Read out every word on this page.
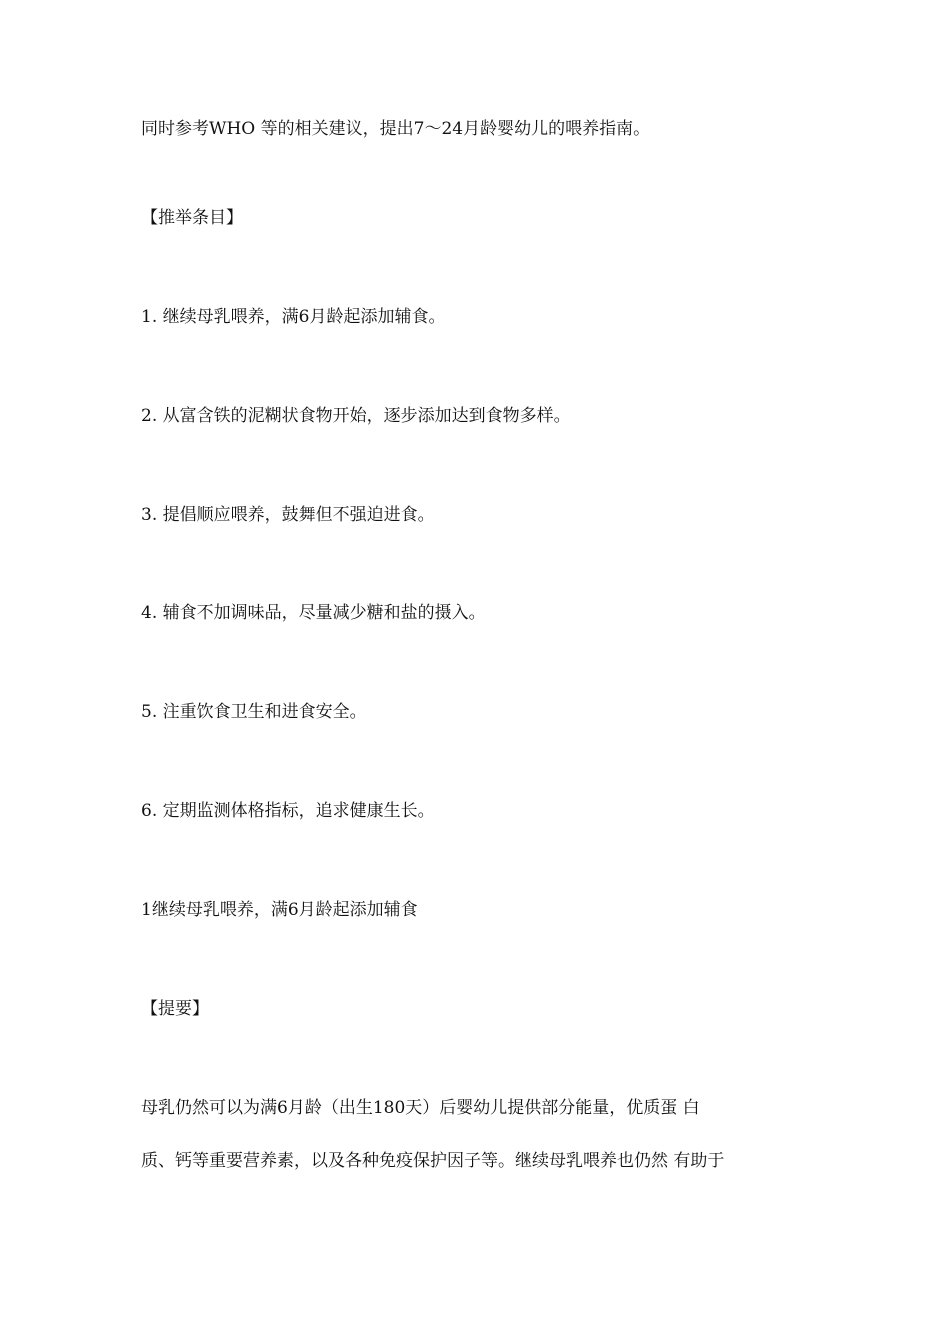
同时参考WHO 等的相关建议，提出7〜24月龄婴幼儿的喂养指南。

【推举条目】

1. 继续母乳喂养，满6月龄起添加辅食。

2. 从富含铁的泥糊状食物开始，逐步添加达到食物多样。

3. 提倡顺应喂养，鼓舞但不强迫进食。

4. 辅食不加调味品，尽量减少糖和盐的摄入。

5. 注重饮食卫生和进食安全。

6. 定期监测体格指标，追求健康生长。

1继续母乳喂养，满6月龄起添加辅食

【提要】

母乳仍然可以为满6月龄（出生180天）后婴幼儿提供部分能量，优质蛋 白

质、钙等重要营养素，以及各种免疫保护因子等。继续母乳喂养也仍然 有助于
